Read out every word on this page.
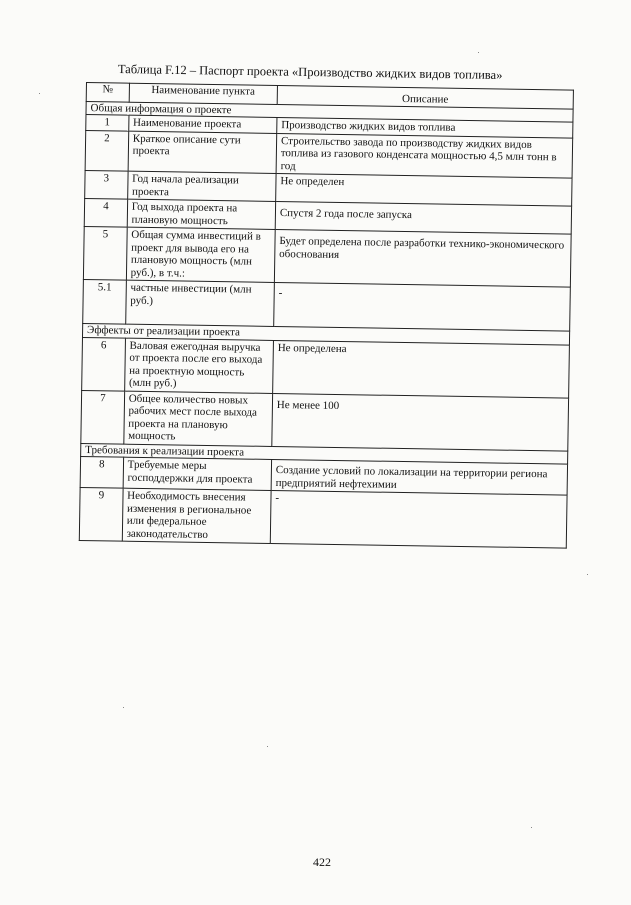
Таблица F.12 – Паспорт проекта «Производство жидких видов топлива»
№	Наименование пункта	Описание
Общая информация о проекте		
1	Наименование проекта	Производство жидких видов топлива
2	Краткое описание сути проекта	Строительство завода по производству жидких видов топлива из газового конденсата мощностью 4,5 млн тонн в год
3	Год начала реализации проекта	Не определен
4	Год выхода проекта на плановую мощность	Спустя 2 года после запуска
5	Общая сумма инвестиций в проект для вывода его на плановую мощность (млн руб.), в т.ч.:	Будет определена после разработки технико-экономического обоснования
5.1	частные инвестиции (млн руб.)	-
Эффекты от реализации проекта		
6	Валовая ежегодная выручка от проекта после его выхода на проектную мощность (млн руб.)	Не определена
7	Общее количество новых рабочих мест после выхода проекта на плановую мощность	Не менее 100
Требования к реализации проекта		
8	Требуемые меры господдержки для проекта	Создание условий по локализации на территории региона предприятий нефтехимии
9	Необходимость внесения изменения в региональное или федеральное законодательство	-
422
